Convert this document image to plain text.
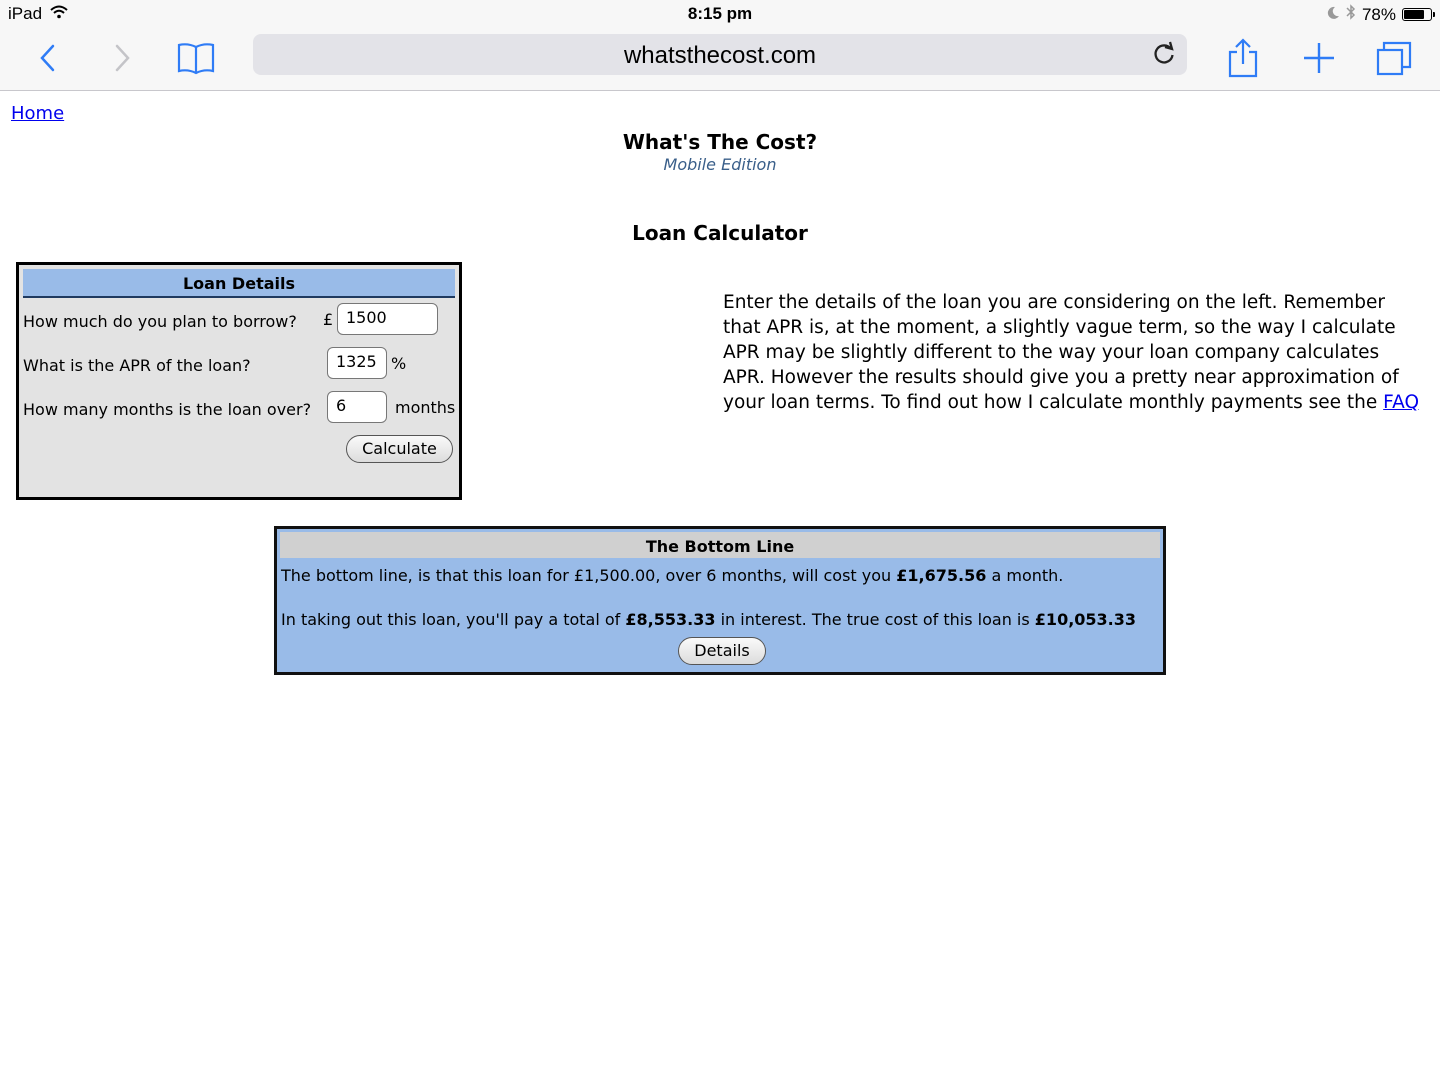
iPad	8:15 pm	78%
whatsthecost.com
Home
What's The Cost?
Mobile Edition
Loan Calculator
Loan Details
How much do you plan to borrow? £ 1500
What is the APR of the loan?	1325 %
How many months is the loan over?	6	months
Calculate
Enter the details of the loan you are considering on the left. Remember that APR is, at the moment, a slightly vague term, so the way I calculate APR may be slightly different to the way your loan company calculates APR. However the results should give you a pretty near approximation of your loan terms. To find out how I calculate monthly payments see the FAQ
The Bottom Line
The bottom line, is that this loan for £1,500.00, over 6 months, will cost you £1,675.56 a month.
In taking out this loan, you'll pay a total of £8,553.33 in interest. The true cost of this loan is £10,053.33
Details
